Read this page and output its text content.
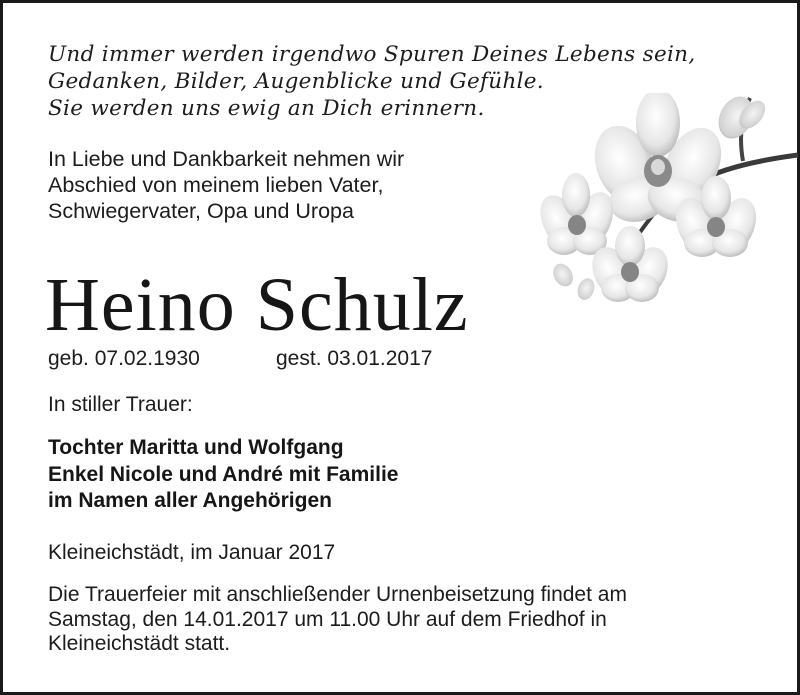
Und immer werden irgendwo Spuren Deines Lebens sein,
Gedanken, Bilder, Augenblicke und Gefühle.
Sie werden uns ewig an Dich erinnern.
In Liebe und Dankbarkeit nehmen wir
Abschied von meinem lieben Vater,
Schwiegervater, Opa und Uropa
Heino Schulz
geb. 07.02.1930	gest. 03.01.2017
In stiller Trauer:
Tochter Maritta und Wolfgang
Enkel Nicole und André mit Familie
im Namen aller Angehörigen
Kleineichstädt, im Januar 2017
Die Trauerfeier mit anschließender Urnenbeisetzung findet am
Samstag, den 14.01.2017 um 11.00 Uhr auf dem Friedhof in
Kleineichstädt statt.
